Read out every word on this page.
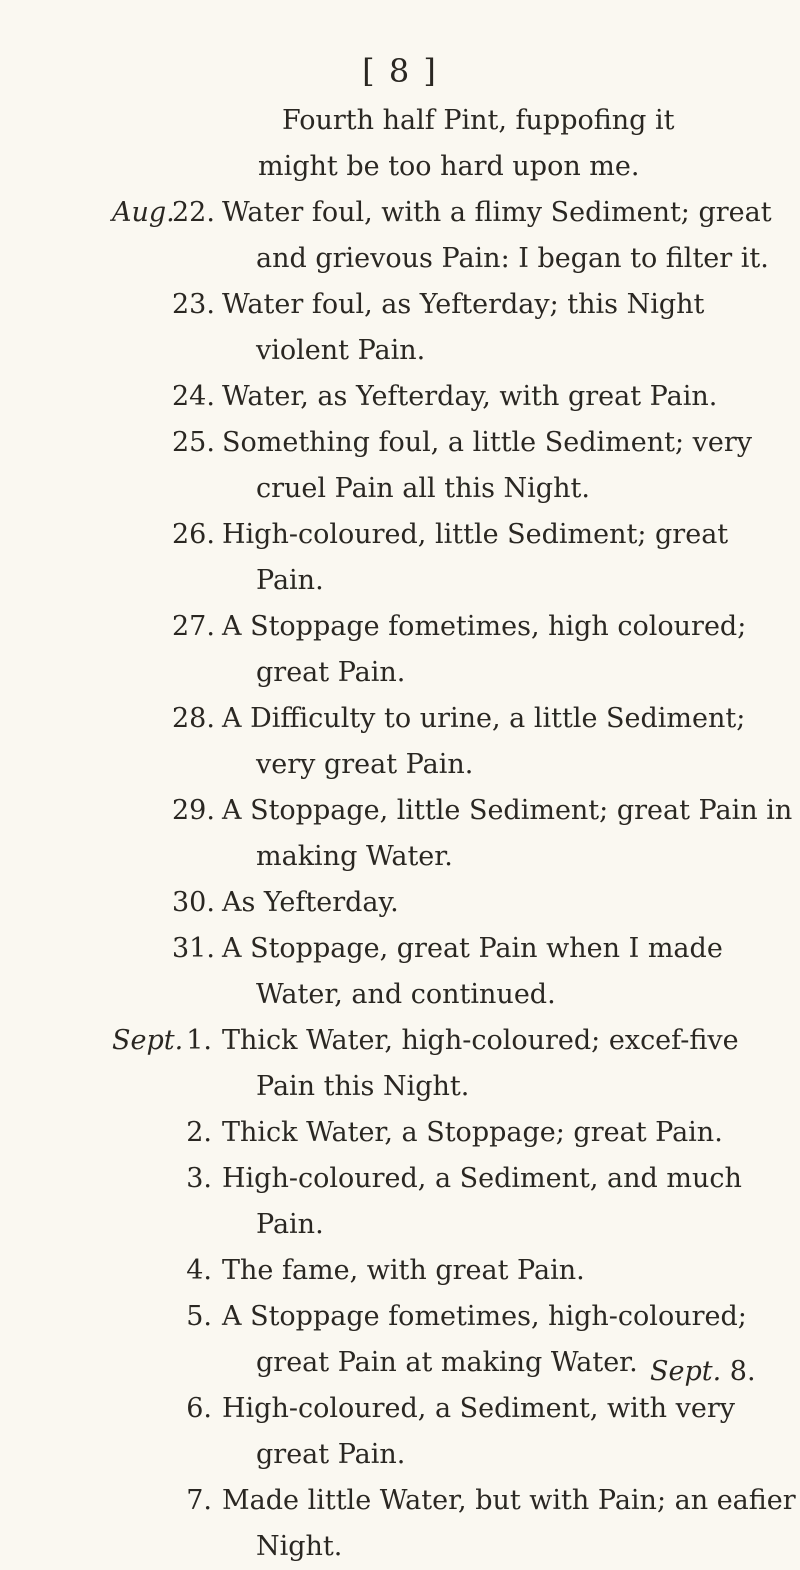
[ 8 ]
Fourth half Pint, fuppofing it
might be too hard upon me.
Aug.
22. Water foul, with a flimy Sediment; great and grievous Pain: I began to filter it.
23. Water foul, as Yefterday; this Night violent Pain.
24. Water, as Yefterday, with great Pain.
25. Something foul, a little Sediment; very cruel Pain all this Night.
26. High-coloured, little Sediment; great Pain.
27. A Stoppage fometimes, high coloured; great Pain.
28. A Difficulty to urine, a little Sediment; very great Pain.
29. A Stoppage, little Sediment; great Pain in making Water.
30. As Yefterday.
31. A Stoppage, great Pain when I made Water, and continued.
Sept. 1. Thick Water, high-coloured; excef-five Pain this Night.
2. Thick Water, a Stoppage; great Pain.
3. High-coloured, a Sediment, and much Pain.
4. The fame, with great Pain.
5. A Stoppage fometimes, high-coloured; great Pain at making Water.
6. High-coloured, a Sediment, with very great Pain.
7. Made little Water, but with Pain; an eafier Night.
Sept. 8.
